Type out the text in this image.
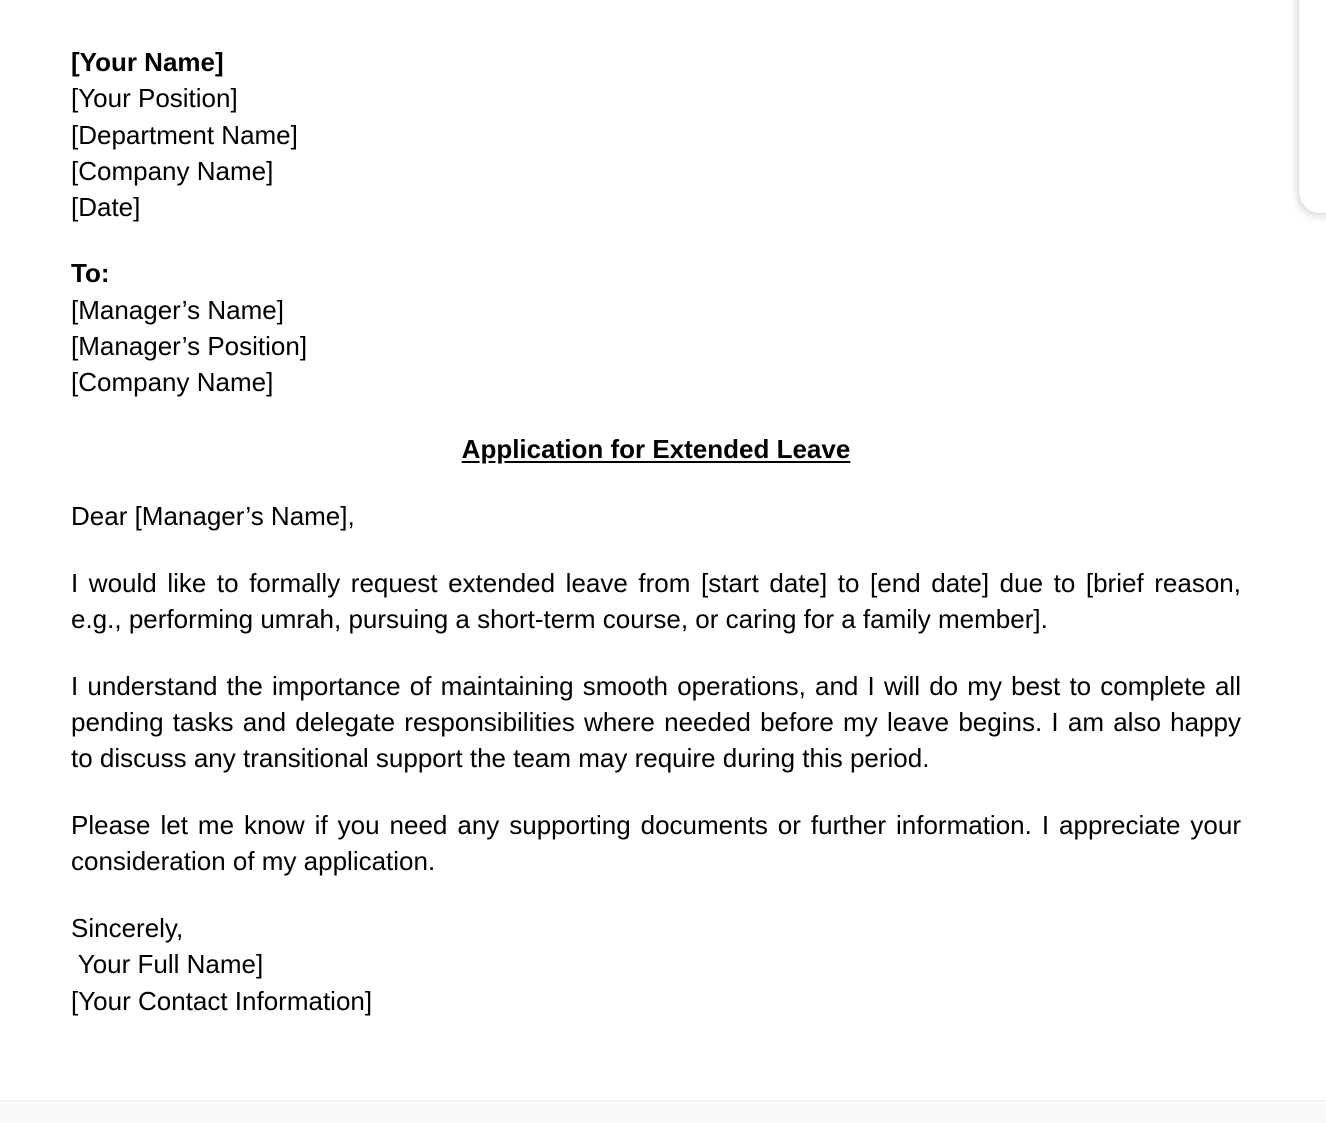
[Your Name]
[Your Position]
[Department Name]
[Company Name]
[Date]
To:
[Manager’s Name]
[Manager’s Position]
[Company Name]
Application for Extended Leave
Dear [Manager’s Name],

I would like to formally request extended leave from [start date] to [end date] due to [brief reason, e.g., performing umrah, pursuing a short-term course, or caring for a family member].

I understand the importance of maintaining smooth operations, and I will do my best to complete all pending tasks and delegate responsibilities where needed before my leave begins. I am also happy to discuss any transitional support the team may require during this period.

Please let me know if you need any supporting documents or further information. I appreciate your consideration of my application.

Sincerely,
Your Full Name]
[Your Contact Information]
